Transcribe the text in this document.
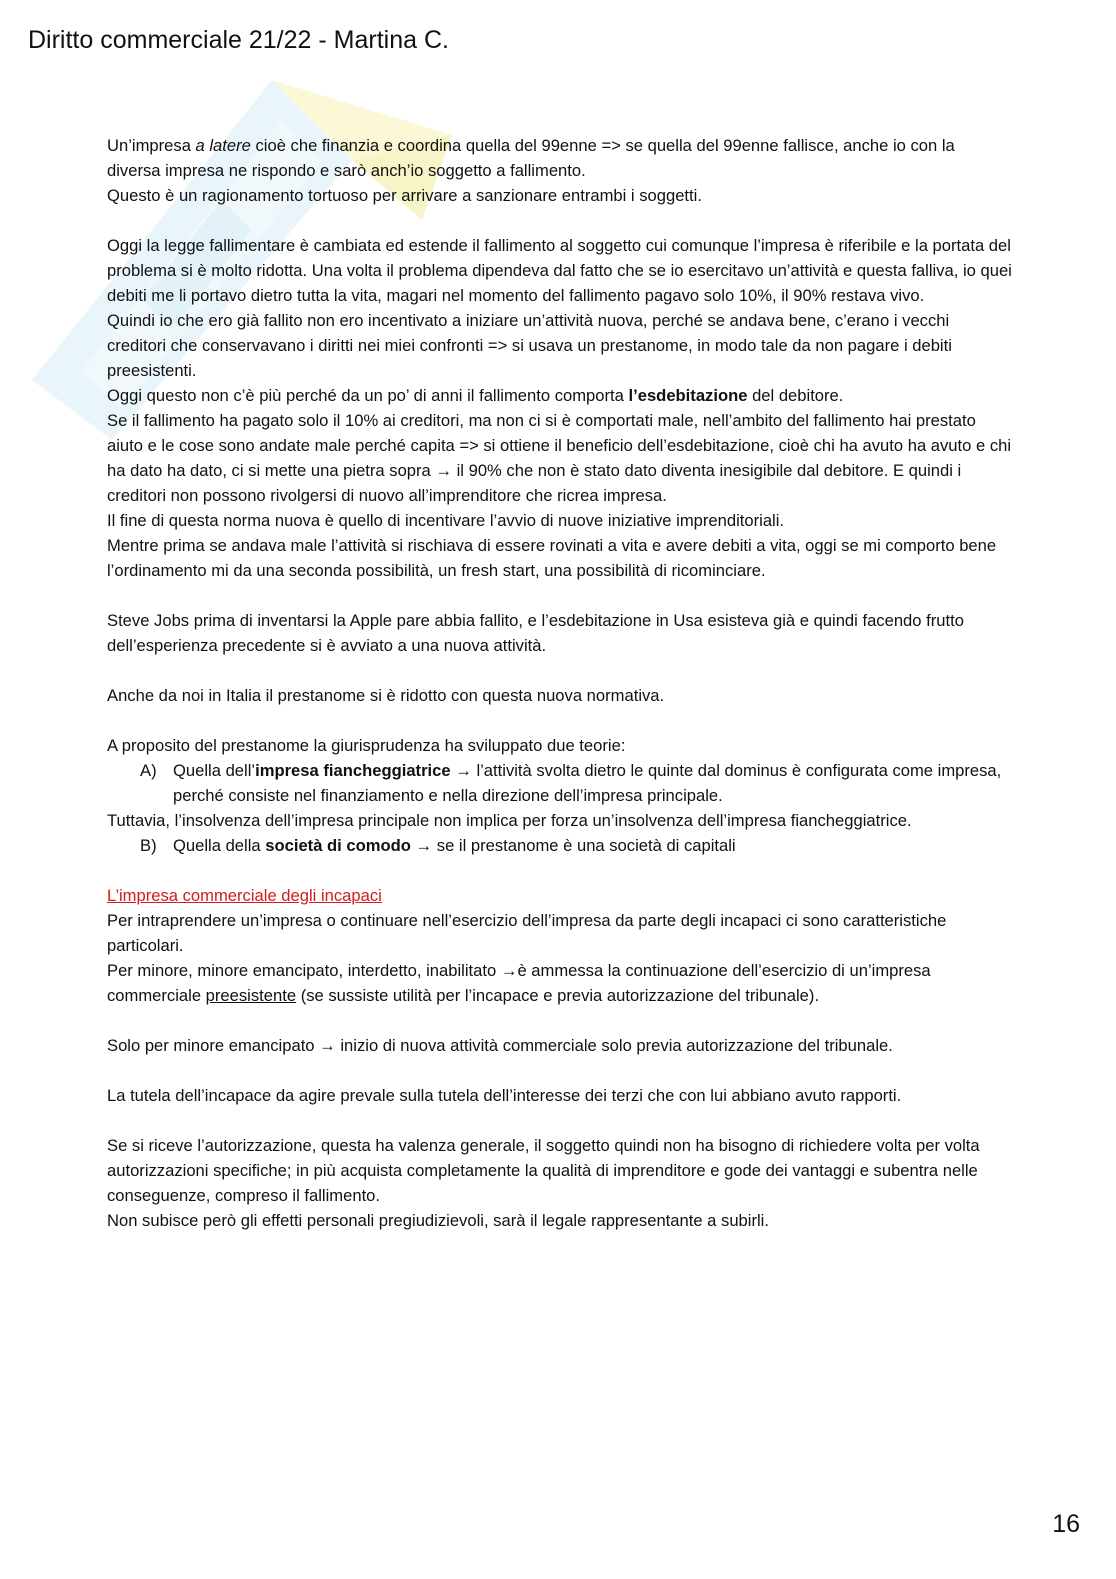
Diritto commerciale 21/22 - Martina C.

Un’impresa a latere cioè che finanzia e coordina quella del 99enne => se quella del 99enne fallisce, anche io con la diversa impresa ne rispondo e sarò anch’io soggetto a fallimento.

Questo è un ragionamento tortuoso per arrivare a sanzionare entrambi i soggetti.

Oggi la legge fallimentare è cambiata ed estende il fallimento al soggetto cui comunque l’impresa è riferibile e la portata del problema si è molto ridotta. Una volta il problema dipendeva dal fatto che se io esercitavo un’attività e questa falliva, io quei debiti me li portavo dietro tutta la vita, magari nel momento del fallimento pagavo solo 10%, il 90% restava vivo.

Quindi io che ero già fallito non ero incentivato a iniziare un’attività nuova, perché se andava bene, c’erano i vecchi creditori che conservavano i diritti nei miei confronti => si usava un prestanome, in modo tale da non pagare i debiti preesistenti.

Oggi questo non c’è più perché da un po’ di anni il fallimento comporta l’esdebitazione del debitore.

Se il fallimento ha pagato solo il 10% ai creditori, ma non ci si è comportati male, nell’ambito del fallimento hai prestato aiuto e le cose sono andate male perché capita => si ottiene il beneficio dell’esdebitazione, cioè chi ha avuto ha avuto e chi ha dato ha dato, ci si mette una pietra sopra → il 90% che non è stato dato diventa inesigibile dal debitore. E quindi i creditori non possono rivolgersi di nuovo all’imprenditore che ricrea impresa.

Il fine di questa norma nuova è quello di incentivare l’avvio di nuove iniziative imprenditoriali.

Mentre prima se andava male l’attività si rischiava di essere rovinati a vita e avere debiti a vita, oggi se mi comporto bene l’ordinamento mi da una seconda possibilità, un fresh start, una possibilità di ricominciare.

Steve Jobs prima di inventarsi la Apple pare abbia fallito, e l’esdebitazione in Usa esisteva già e quindi facendo frutto dell’esperienza precedente si è avviato a una nuova attività.

Anche da noi in Italia il prestanome si è ridotto con questa nuova normativa.

A proposito del prestanome la giurisprudenza ha sviluppato due teorie:

A) Quella dell’impresa fiancheggiatrice → l’attività svolta dietro le quinte dal dominus è configurata come impresa, perché consiste nel finanziamento e nella direzione dell’impresa principale.

Tuttavia, l’insolvenza dell’impresa principale non implica per forza un’insolvenza dell’impresa fiancheggiatrice.

B) Quella della società di comodo → se il prestanome è una società di capitali

L’impresa commerciale degli incapaci

Per intraprendere un’impresa o continuare nell’esercizio dell’impresa da parte degli incapaci ci sono caratteristiche particolari.

Per minore, minore emancipato, interdetto, inabilitato →è ammessa la continuazione dell’esercizio di un’impresa commerciale preesistente (se sussiste utilità per l’incapace e previa autorizzazione del tribunale).

Solo per minore emancipato → inizio di nuova attività commerciale solo previa autorizzazione del tribunale.

La tutela dell’incapace da agire prevale sulla tutela dell’interesse dei terzi che con lui abbiano avuto rapporti.

Se si riceve l’autorizzazione, questa ha valenza generale, il soggetto quindi non ha bisogno di richiedere volta per volta autorizzazioni specifiche; in più acquista completamente la qualità di imprenditore e gode dei vantaggi e subentra nelle conseguenze, compreso il fallimento.

Non subisce però gli effetti personali pregiudizievoli, sarà il legale rappresentante a subirli.

16
